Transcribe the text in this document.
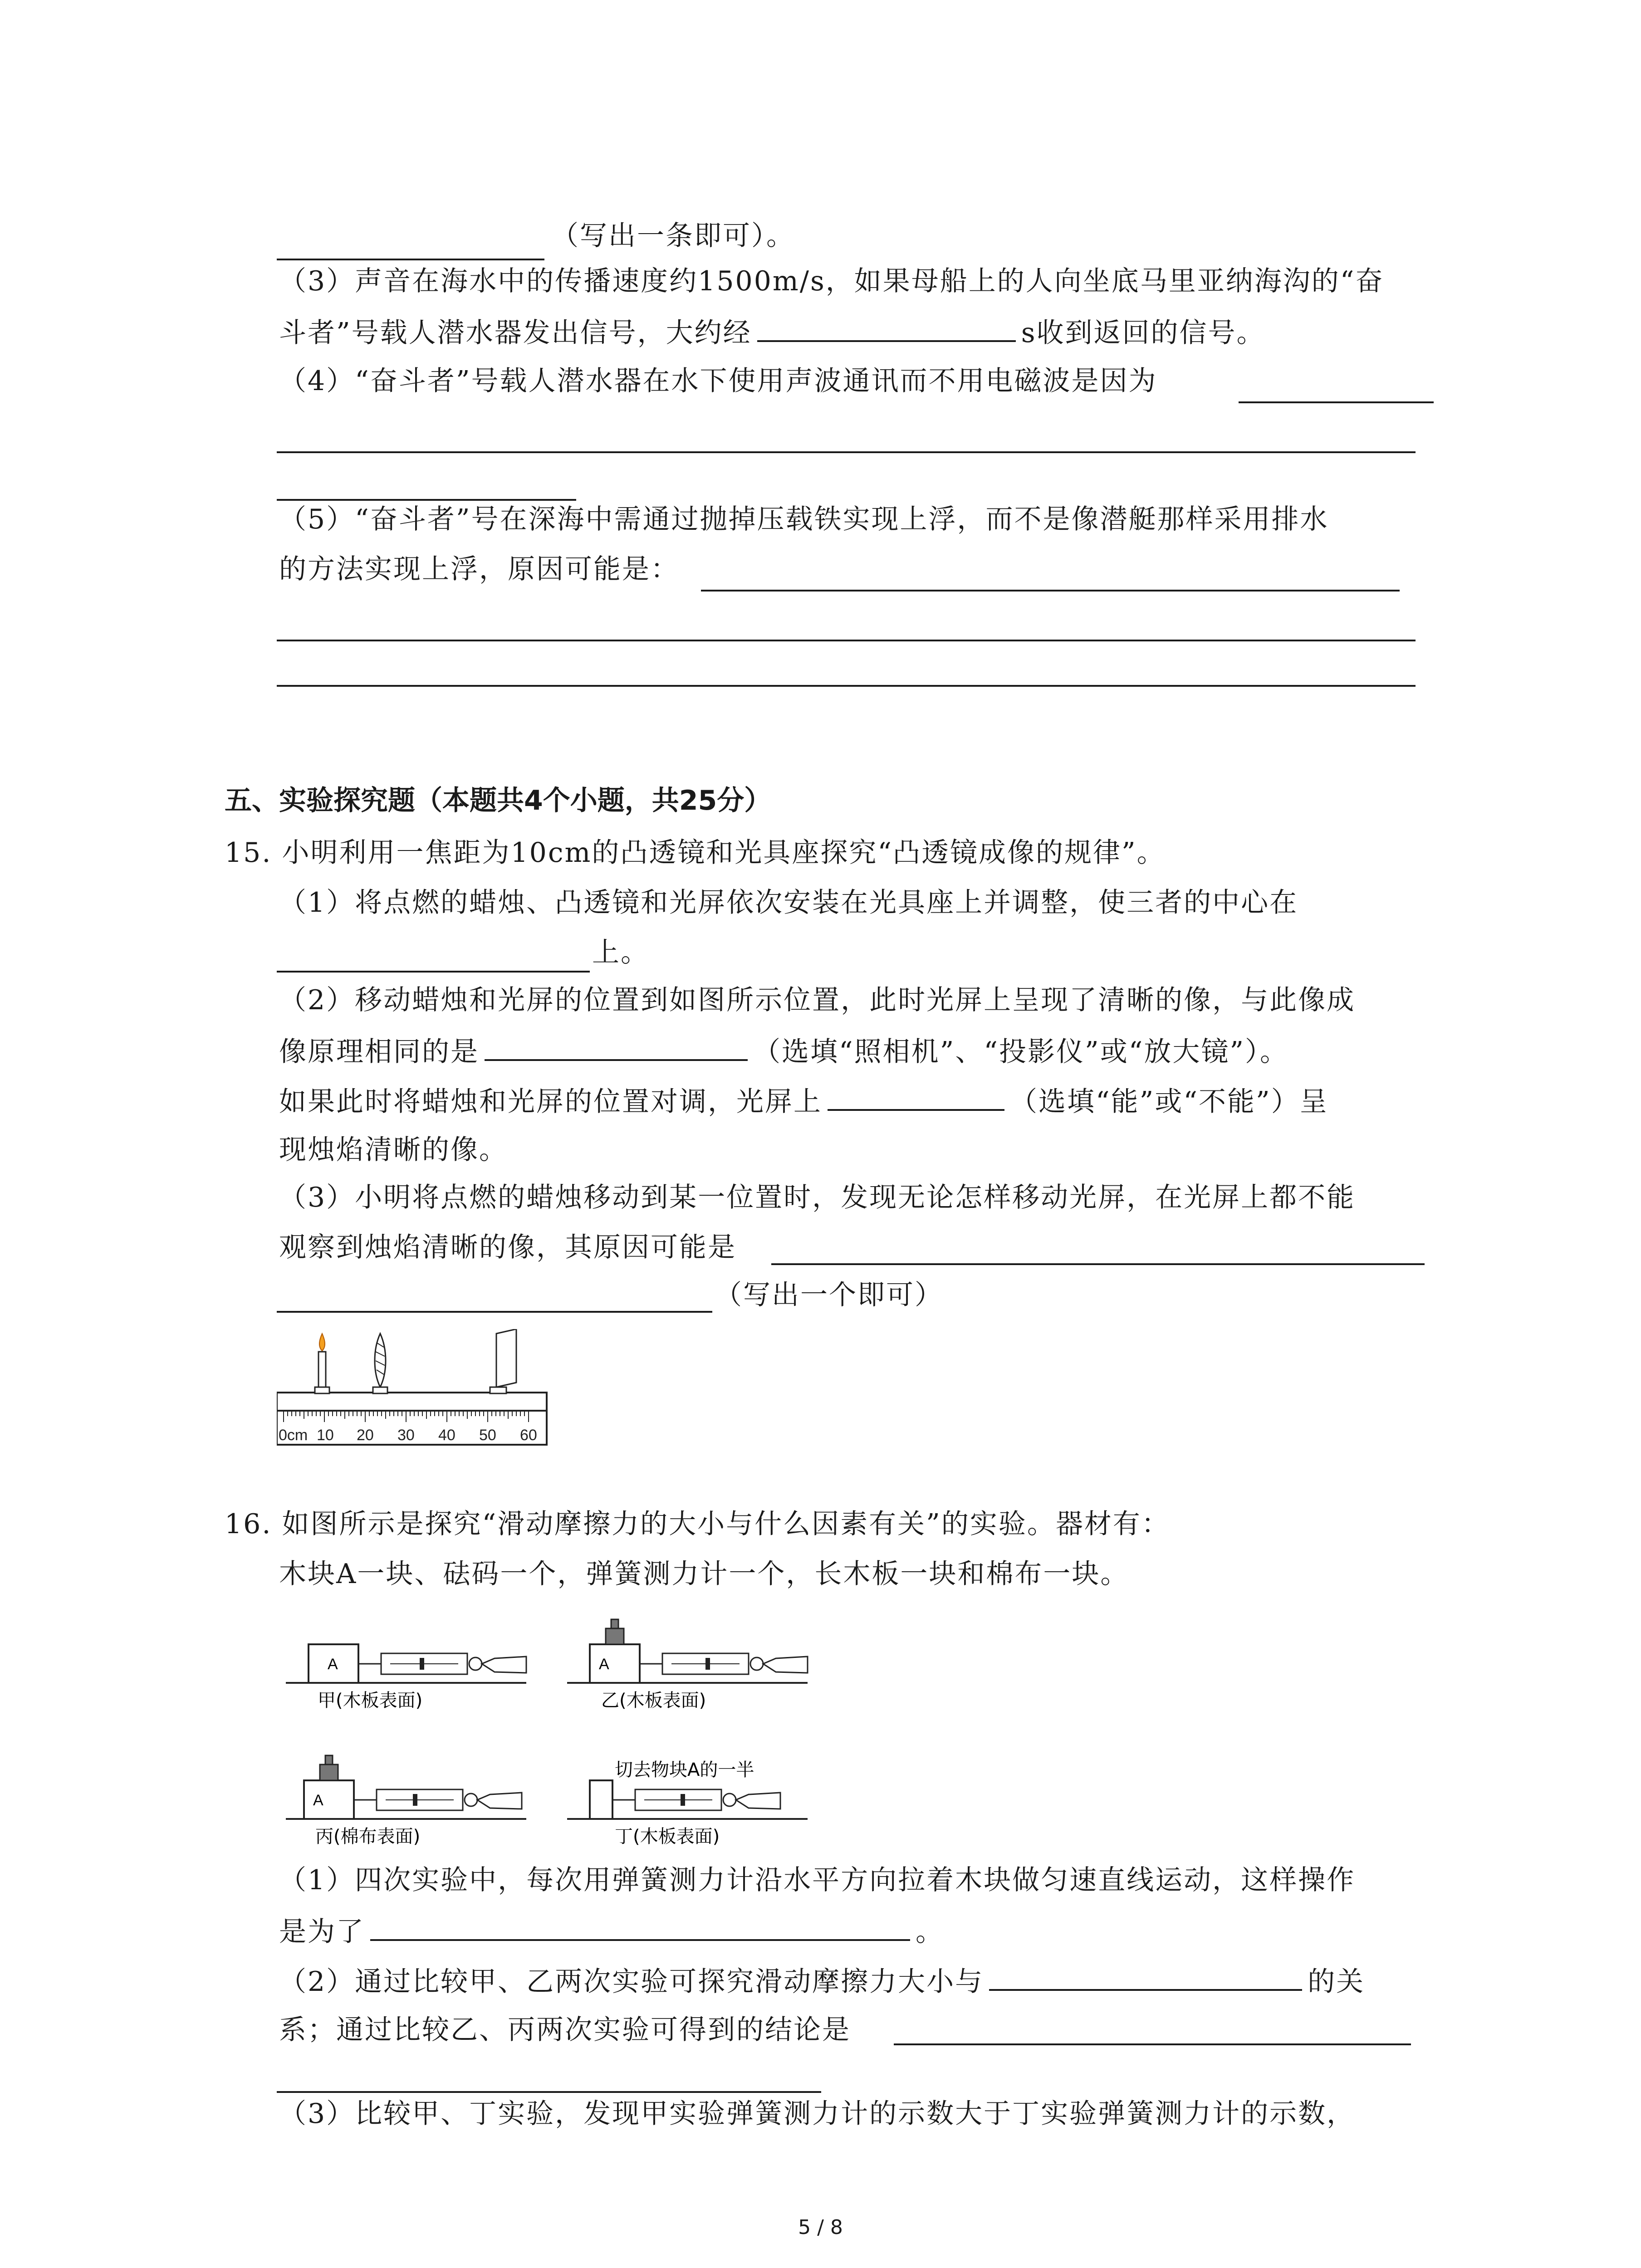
（写出一条即可）。
（3）声音在海水中的传播速度约1500m/s，如果母船上的人向坐底马里亚纳海沟的“奋
斗者”号载人潜水器发出信号，大约经	s收到返回的信号。
（4）“奋斗者”号载人潜水器在水下使用声波通讯而不用电磁波是因为
（5）“奋斗者”号在深海中需通过抛掉压载铁实现上浮，而不是像潜艇那样采用排水
的方法实现上浮，原因可能是：
五、实验探究题（本题共4个小题，共25分）
15. 小明利用一焦距为10cm的凸透镜和光具座探究“凸透镜成像的规律”。
（1）将点燃的蜡烛、凸透镜和光屏依次安装在光具座上并调整，使三者的中心在
上。
（2）移动蜡烛和光屏的位置到如图所示位置，此时光屏上呈现了清晰的像，与此像成
像原理相同的是	（选填“照相机”、“投影仪”或“放大镜”）。
如果此时将蜡烛和光屏的位置对调，光屏上	（选填“能”或“不能”）呈
现烛焰清晰的像。
（3）小明将点燃的蜡烛移动到某一位置时，发现无论怎样移动光屏，在光屏上都不能
观察到烛焰清晰的像，其原因可能是
（写出一个即可）
0cm 10 20 30 40 50 60
16. 如图所示是探究“滑动摩擦力的大小与什么因素有关”的实验。器材有：
木块A一块、砝码一个，弹簧测力计一个，长木板一块和棉布一块。
A
甲(木板表面)
A
乙(木板表面)
A
丙(棉布表面)
切去物块A的一半
丁(木板表面)
（1）四次实验中，每次用弹簧测力计沿水平方向拉着木块做匀速直线运动，这样操作
是为了	。
（2）通过比较甲、乙两次实验可探究滑动摩擦力大小与	的关
系；通过比较乙、丙两次实验可得到的结论是
（3）比较甲、丁实验，发现甲实验弹簧测力计的示数大于丁实验弹簧测力计的示数，
5 / 8
